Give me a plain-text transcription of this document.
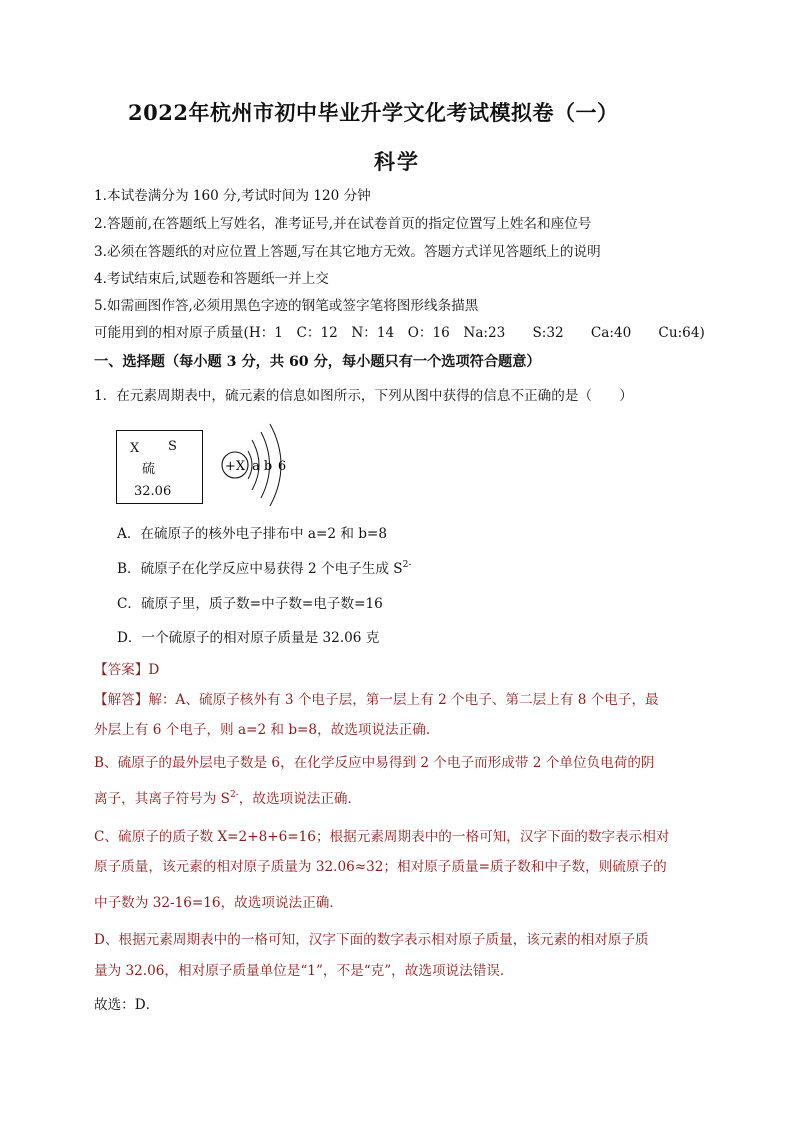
2022年杭州市初中毕业升学文化考试模拟卷（一）
科学
1.本试卷满分为 160 分,考试时间为 120 分钟
2.答题前,在答题纸上写姓名，准考证号,并在试卷首页的指定位置写上姓名和座位号
3.必须在答题纸的对应位置上答题,写在其它地方无效。答题方式详见答题纸上的说明
4.考试结束后,试题卷和答题纸一并上交
5.如需画图作答,必须用黑色字迹的钢笔或签字笔将图形线条描黑
可能用到的相对原子质量(H：1　C：12　N：14　O：16　Na:23　　S:32　　Ca:40　　Cu:64)
一、选择题（每小题 3 分，共 60 分，每小题只有一个选项符合题意）
1．在元素周期表中，硫元素的信息如图所示，下列从图中获得的信息不正确的是（　　）
X S
硫
32.06
+X a b 6
A．在硫原子的核外电子排布中 a=2 和 b=8
B．硫原子在化学反应中易获得 2 个电子生成 $S^{2-}$
C．硫原子里，质子数=中子数=电子数=16
D．一个硫原子的相对原子质量是 32.06 克
【答案】D
【解答】解：A、硫原子核外有 3 个电子层，第一层上有 2 个电子、第二层上有 8 个电子，最
外层上有 6 个电子，则 a=2 和 b=8，故选项说法正确．
B、硫原子的最外层电子数是 6，在化学反应中易得到 2 个电子而形成带 2 个单位负电荷的阴
离子，其离子符号为 $S^{2-}$，故选项说法正确．
C、硫原子的质子数 X=2+8+6=16；根据元素周期表中的一格可知，汉字下面的数字表示相对
原子质量，该元素的相对原子质量为 32.06≈32；相对原子质量=质子数和中子数，则硫原子的
中子数为 32-16=16，故选项说法正确．
D、根据元素周期表中的一格可知，汉字下面的数字表示相对原子质量，该元素的相对原子质
量为 32.06，相对原子质量单位是“1”，不是“克”，故选项说法错误．
故选：D．
